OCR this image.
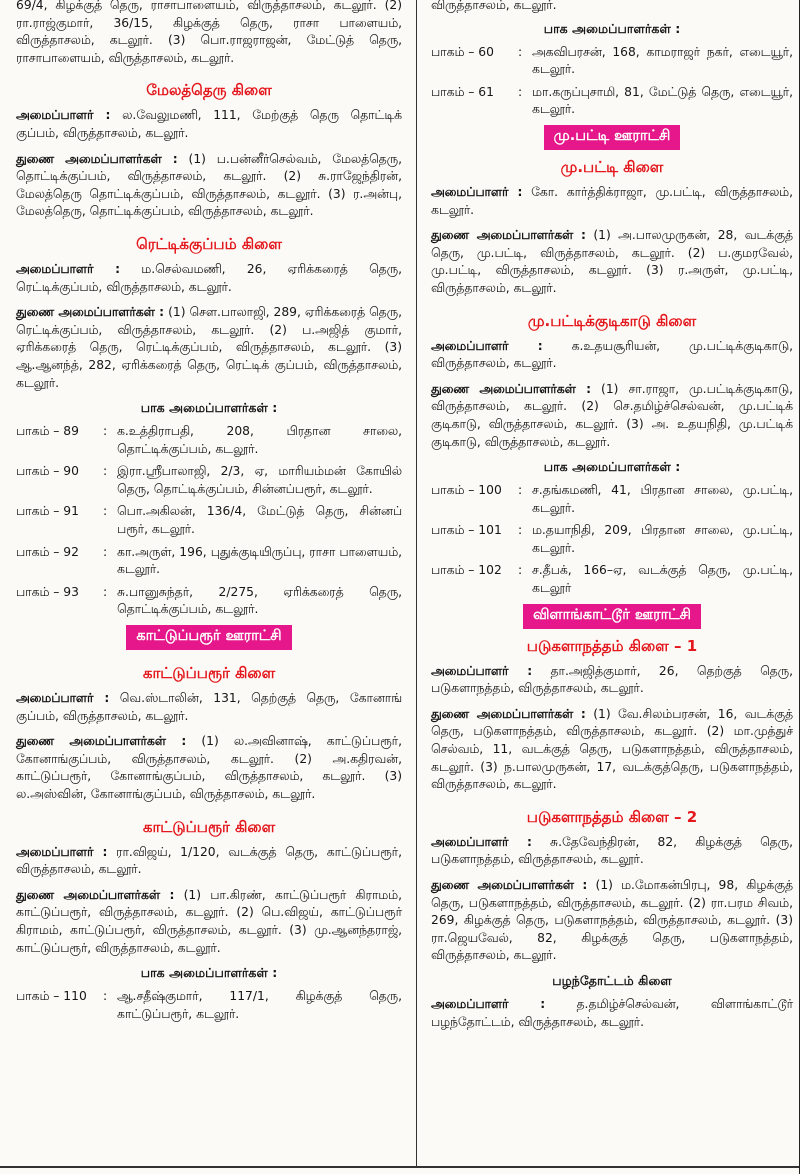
69/4, கிழக்குத் தெரு, ராசாபாளையம், விருத்தாசலம், கடலூர். (2) ரா.ராஜ்குமார், 36/15, கிழக்குத் தெரு, ராசா பாளையம், விருத்தாசலம், கடலூர். (3) பொ.ராஜராஜன், மேட்டுத் தெரு, ராசாபாளையம், விருத்தாசலம், கடலூர்.

மேலத்தெரு கிளை

அமைப்பாளர் : ல.வேலுமணி, 111, மேற்குத் தெரு தொட்டிக் குப்பம், விருத்தாசலம், கடலூர்.

துணை அமைப்பாளர்கள் : (1) ப.பன்னீர்செல்வம், மேலத்தெரு, தொட்டிக்குப்பம், விருத்தாசலம், கடலூர். (2) சு.ராஜேந்திரன், மேலத்தெரு தொட்டிக்குப்பம், விருத்தாசலம், கடலூர். (3) ர.அன்பு, மேலத்தெரு, தொட்டிக்குப்பம், விருத்தாசலம், கடலூர்.

ரெட்டிக்குப்பம் கிளை

அமைப்பாளர் : ம.செல்வமணி, 26, ஏரிக்கரைத் தெரு, ரெட்டிக்குப்பம், விருத்தாசலம், கடலூர்.

துணை அமைப்பாளர்கள் : (1) சௌ.பாலாஜி, 289, ஏரிக்கரைத் தெரு, ரெட்டிக்குப்பம், விருத்தாசலம், கடலூர். (2) ப.அஜித் குமார், ஏரிக்கரைத் தெரு, ரெட்டிக்குப்பம், விருத்தாசலம், கடலூர். (3) ஆ.ஆனந்த், 282, ஏரிக்கரைத் தெரு, ரெட்டிக் குப்பம், விருத்தாசலம், கடலூர்.

பாக அமைப்பாளர்கள் :
பாகம் – 89	: க.உத்திராபதி, 208, பிரதான சாலை, தொட்டிக்குப்பம், கடலூர்.
பாகம் – 90	: இரா.ஸ்ரீபாலாஜி, 2/3, ஏ, மாரியம்மன் கோயில் தெரு, தொட்டிக்குப்பம், சின்னப்பரூர், கடலூர்.
பாகம் – 91	: பொ.அகிலன், 136/4, மேட்டுத் தெரு, சின்னப் பரூர், கடலூர்.
பாகம் – 92	: கா.அருள், 196, புதுக்குடியிருப்பு, ராசா பாளையம், கடலூர்.
பாகம் – 93	: சு.பானுசுந்தர், 2/275, ஏரிக்கரைத் தெரு, தொட்டிக்குப்பம், கடலூர்.
காட்டுப்பரூர் ஊராட்சி
காட்டுப்பரூர் கிளை

அமைப்பாளர் : வெ.ஸ்டாலின், 131, தெற்குத் தெரு, கோனாங் குப்பம், விருத்தாசலம், கடலூர்.

துணை அமைப்பாளர்கள் : (1) ல.அவினாஷ், காட்டுப்பரூர், கோனாங்குப்பம், விருத்தாசலம், கடலூர். (2) அ.கதிரவன், காட்டுப்பரூர், கோனாங்குப்பம், விருத்தாசலம், கடலூர். (3) ல.அஸ்வின், கோனாங்குப்பம், விருத்தாசலம், கடலூர்.

காட்டுப்பரூர் கிளை

அமைப்பாளர் : ரா.விஜய், 1/120, வடக்குத் தெரு, காட்டுப்பரூர், விருத்தாசலம், கடலூர்.

துணை அமைப்பாளர்கள் : (1) பா.கிரண், காட்டுப்பரூர் கிராமம், காட்டுப்பரூர், விருத்தாசலம், கடலூர். (2) பெ.விஜய், காட்டுப்பரூர் கிராமம், காட்டுப்பரூர், விருத்தாசலம், கடலூர். (3) மு.ஆனந்தராஜ், காட்டுப்பரூர், விருத்தாசலம், கடலூர்.

பாக அமைப்பாளர்கள் :
பாகம் – 110	: ஆ.சதீஷ்குமார், 117/1, கிழக்குத் தெரு, காட்டுப்பரூர், கடலூர்.

விருத்தாசலம், கடலூர்.

பாக அமைப்பாளர்கள் :
பாகம் – 60	: அகவிபரசன், 168, காமராஜர் நகர், எடையூர், கடலூர்.
பாகம் – 61	: மா.கருப்புசாமி, 81, மேட்டுத் தெரு, எடையூர், கடலூர்.
மு.பட்டி ஊராட்சி
மு.பட்டி கிளை

அமைப்பாளர் : கோ. கார்த்திக்ராஜா, மு.பட்டி, விருத்தாசலம், கடலூர்.

துணை அமைப்பாளர்கள் : (1) அ.பாலமுருகன், 28, வடக்குத் தெரு, மு.பட்டி, விருத்தாசலம், கடலூர். (2) ப.குமரவேல், மு.பட்டி, விருத்தாசலம், கடலூர். (3) ர.அருள், மு.பட்டி, விருத்தாசலம், கடலூர்.

மு.பட்டிக்குடிகாடு கிளை

அமைப்பாளர் : க.உதயசூரியன், மு.பட்டிக்குடிகாடு, விருத்தாசலம், கடலூர்.

துணை அமைப்பாளர்கள் : (1) சா.ராஜா, மு.பட்டிக்குடிகாடு, விருத்தாசலம், கடலூர். (2) செ.தமிழ்ச்செல்வன், மு.பட்டிக் குடிகாடு, விருத்தாசலம், கடலூர். (3) அ. உதயநிதி, மு.பட்டிக் குடிகாடு, விருத்தாசலம், கடலூர்.

பாக அமைப்பாளர்கள் :
பாகம் – 100	: ச.தங்கமணி, 41, பிரதான சாலை, மு.பட்டி, கடலூர்.
பாகம் – 101	: ம.தயாநிதி, 209, பிரதான சாலை, மு.பட்டி, கடலூர்.
பாகம் – 102	: ச.தீபக், 166–ஏ, வடக்குத் தெரு, மு.பட்டி, கடலூர்
விளாங்காட்டூர் ஊராட்சி
படுகளாநத்தம் கிளை – 1

அமைப்பாளர் : தா.அஜித்குமார், 26, தெற்குத் தெரு, படுகளாநத்தம், விருத்தாசலம், கடலூர்.

துணை அமைப்பாளர்கள் : (1) வே.சிலம்பரசன், 16, வடக்குத் தெரு, படுகளாநத்தம், விருத்தாசலம், கடலூர். (2) மா.முத்துச் செல்வம், 11, வடக்குத் தெரு, படுகளாநத்தம், விருத்தாசலம், கடலூர். (3) ந.பாலமுருகன், 17, வடக்குத்தெரு, படுகளாநத்தம், விருத்தாசலம், கடலூர்.

படுகளாநத்தம் கிளை – 2

அமைப்பாளர் : சு.தேவேந்திரன், 82, கிழக்குத் தெரு, படுகளாநத்தம், விருத்தாசலம், கடலூர்.

துணை அமைப்பாளர்கள் : (1) ம.மோகன்பிரபு, 98, கிழக்குத் தெரு, படுகளாநத்தம், விருத்தாசலம், கடலூர். (2) ரா.பரம சிவம், 269, கிழக்குத் தெரு, படுகளாநத்தம், விருத்தாசலம், கடலூர். (3) ரா.ஜெயவேல், 82, கிழக்குத் தெரு, படுகளாநத்தம், விருத்தாசலம், கடலூர்.

பழந்தோட்டம் கிளை

அமைப்பாளர் : த.தமிழ்ச்செல்வன், விளாங்காட்டூர் பழந்தோட்டம், விருத்தாசலம், கடலூர்.
